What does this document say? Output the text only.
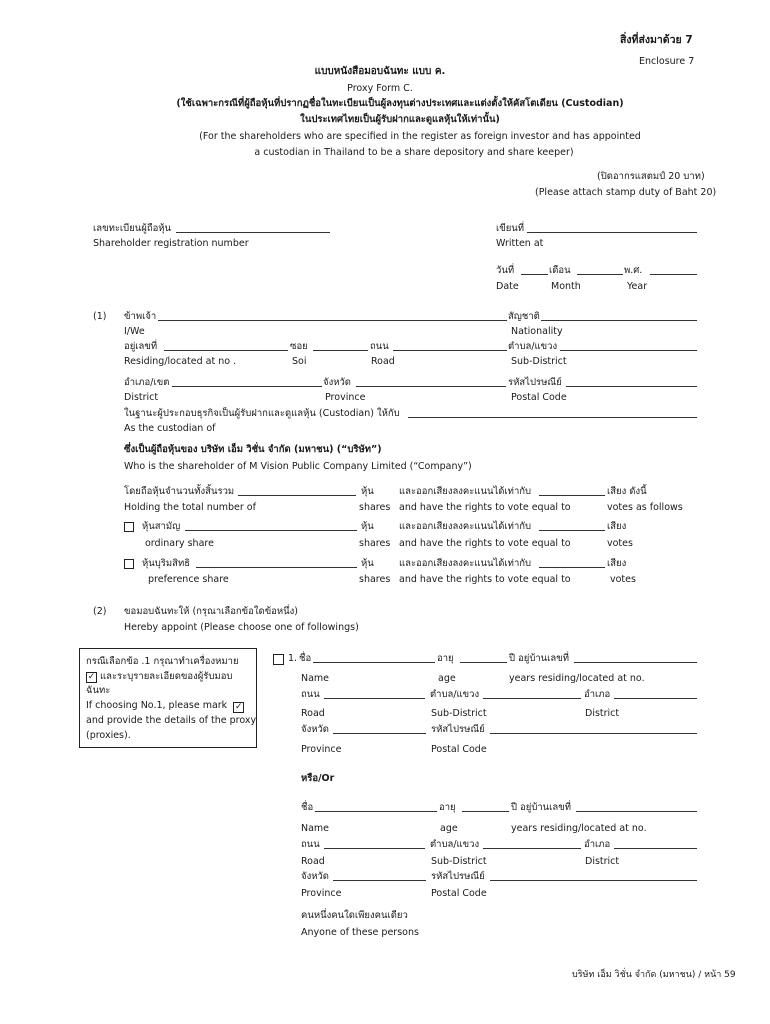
สิ่งที่ส่งมาด้วย 7
Enclosure 7
แบบหนังสือมอบฉันทะ แบบ ค.
Proxy Form C.
(ใช้เฉพาะกรณีที่ผู้ถือหุ้นที่ปรากฏชื่อในทะเบียนเป็นผู้ลงทุนต่างประเทศและแต่งตั้งให้คัสโตเดียน (Custodian)
ในประเทศไทยเป็นผู้รับฝากและดูแลหุ้นให้เท่านั้น)
(For the shareholders who are specified in the register as foreign investor and has appointed
a custodian in Thailand to be a share depository and share keeper)
(ปิดอากรแสตมป์ 20 บาท)
(Please attach stamp duty of Baht 20)
เลขทะเบียนผู้ถือหุ้น
Shareholder registration number
เขียนที่
Written at
วันที่	เดือน	พ.ศ.
Date	Month	Year
(1) ข้าพเจ้า	สัญชาติ
I/We	Nationality
อยู่เลขที่	ซอย	ถนน	ตำบล/แขวง
Residing/located at no .	Soi	Road	Sub-District
อำเภอ/เขต	จังหวัด	รหัสไปรษณีย์
District	Province	Postal Code
ในฐานะผู้ประกอบธุรกิจเป็นผู้รับฝากและดูแลหุ้น (Custodian) ให้กับ
As the custodian of
ซึ่งเป็นผู้ถือหุ้นของ บริษัท เอ็ม วิชั่น จำกัด (มหาชน) (“บริษัท”)
Who is the shareholder of M Vision Public Company Limited (“Company”)
โดยถือหุ้นจำนวนทั้งสิ้นรวม	หุ้น	และออกเสียงลงคะแนนได้เท่ากับ	เสียง ดังนี้
Holding the total number of	shares and have the rights to vote equal to	votes as follows
หุ้นสามัญ	หุ้น	และออกเสียงลงคะแนนได้เท่ากับ	เสียง
ordinary share	shares and have the rights to vote equal to	votes
หุ้นบุริมสิทธิ	หุ้น	และออกเสียงลงคะแนนได้เท่ากับ	เสียง
preference share	shares and have the rights to vote equal to	votes
(2) ขอมอบฉันทะให้ (กรุณาเลือกข้อใดข้อหนึ่ง)
Hereby appoint (Please choose one of followings)
กรณีเลือกข้อ .1 กรุณาทำเครื่องหมาย
✓ และระบุรายละเอียดของผู้รับมอบ
ฉันทะ
If choosing No.1, please mark ✓
and provide the details of the proxy
(proxies).
1. ชื่อ	อายุ	ปี อยู่บ้านเลขที่
Name	age	years residing/located at no.
ถนน	ตำบล/แขวง	อำเภอ
Road	Sub-District	District
จังหวัด	รหัสไปรษณีย์
Province	Postal Code
หรือ/Or
ชื่อ	อายุ	ปี อยู่บ้านเลขที่
Name	age	years residing/located at no.
ถนน	ตำบล/แขวง	อำเภอ
Road	Sub-District	District
จังหวัด	รหัสไปรษณีย์
Province	Postal Code
คนหนึ่งคนใดเพียงคนเดียว
Anyone of these persons
บริษัท เอ็ม วิชั่น จำกัด (มหาชน) / หน้า 59
